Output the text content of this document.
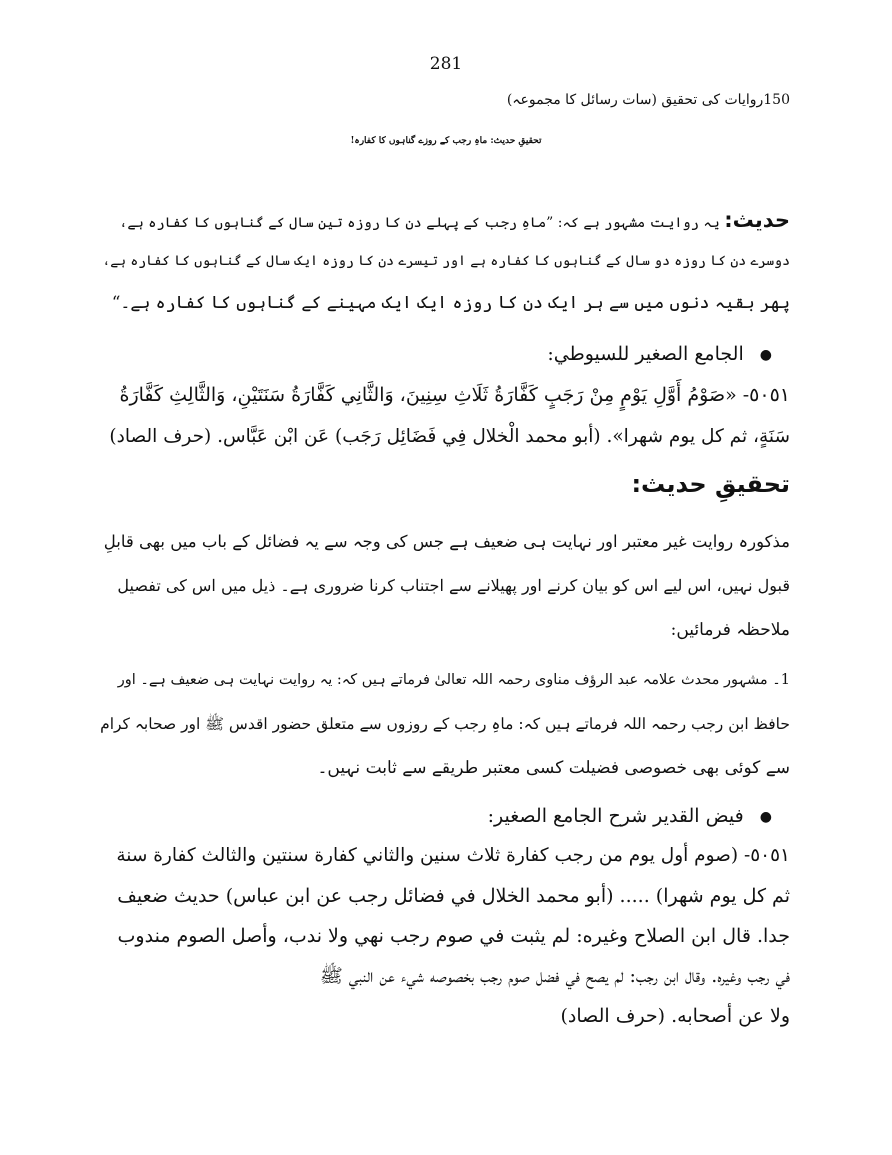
281
150روایات کی تحقیق (سات رسائل کا مجموعہ)
تحقیقِ حدیث: ماہِ رجب کے روزے گناہوں کا کفارہ!
حدیث: یہ روایت مشہور ہے کہ: ”ماہِ رجب کے پہلے دن کا روزہ تین سال کے گناہوں کا کفارہ ہے،
دوسرے دن کا روزہ دو سال کے گناہوں کا کفارہ ہے اور تیسرے دن کا روزہ ایک سال کے گناہوں کا کفارہ ہے،
پھر بقیہ دنوں میں سے ہر ایک دن کا روزہ ایک ایک مہینے کے گناہوں کا کفارہ ہے۔“
● الجامع الصغير للسيوطي:
٥٠٥١- «صَوْمُ أَوَّلِ يَوْمٍ مِنْ رَجَبٍ كَفَّارَةُ ثَلَاثِ سِنِينَ، وَالثَّانِي كَفَّارَةُ سَنَتَيْنِ، وَالثَّالِثِ كَفَّارَةُ
سَنَةٍ، ثم كل يوم شهرا». (أبو محمد الْخلال فِي فَضَائِل رَجَب) عَن ابْن عَبَّاس. (حرف الصاد)
تحقیقِ حدیث:
مذکورہ روایت غیر معتبر اور نہایت ہی ضعیف ہے جس کی وجہ سے یہ فضائل کے باب میں بھی قابلِ
قبول نہیں، اس لیے اس کو بیان کرنے اور پھیلانے سے اجتناب کرنا ضروری ہے۔ ذیل میں اس کی تفصیل
ملاحظہ فرمائیں:
1۔ مشہور محدث علامہ عبد الرؤف مناوی رحمہ اللہ تعالیٰ فرماتے ہیں کہ: یہ روایت نہایت ہی ضعیف ہے۔ اور
حافظ ابن رجب رحمہ اللہ فرماتے ہیں کہ: ماہِ رجب کے روزوں سے متعلق حضور اقدس ﷺ اور صحابہ کرام
سے کوئی بھی خصوصی فضیلت کسی معتبر طریقے سے ثابت نہیں۔
● فيض القدير شرح الجامع الصغير:
٥٠٥١- (صوم أول يوم من رجب كفارة ثلاث سنين والثاني كفارة سنتين والثالث كفارة سنة
ثم كل يوم شهرا) ..... (أبو محمد الخلال في فضائل رجب عن ابن عباس) حديث ضعيف
جدا. قال ابن الصلاح وغيره: لم يثبت في صوم رجب نهي ولا ندب، وأصل الصوم مندوب
في رجب وغيره. وقال ابن رجب: لم يصح في فضل صوم رجب بخصوصه شيء عن النبي ﷺ
ولا عن أصحابه. (حرف الصاد)
